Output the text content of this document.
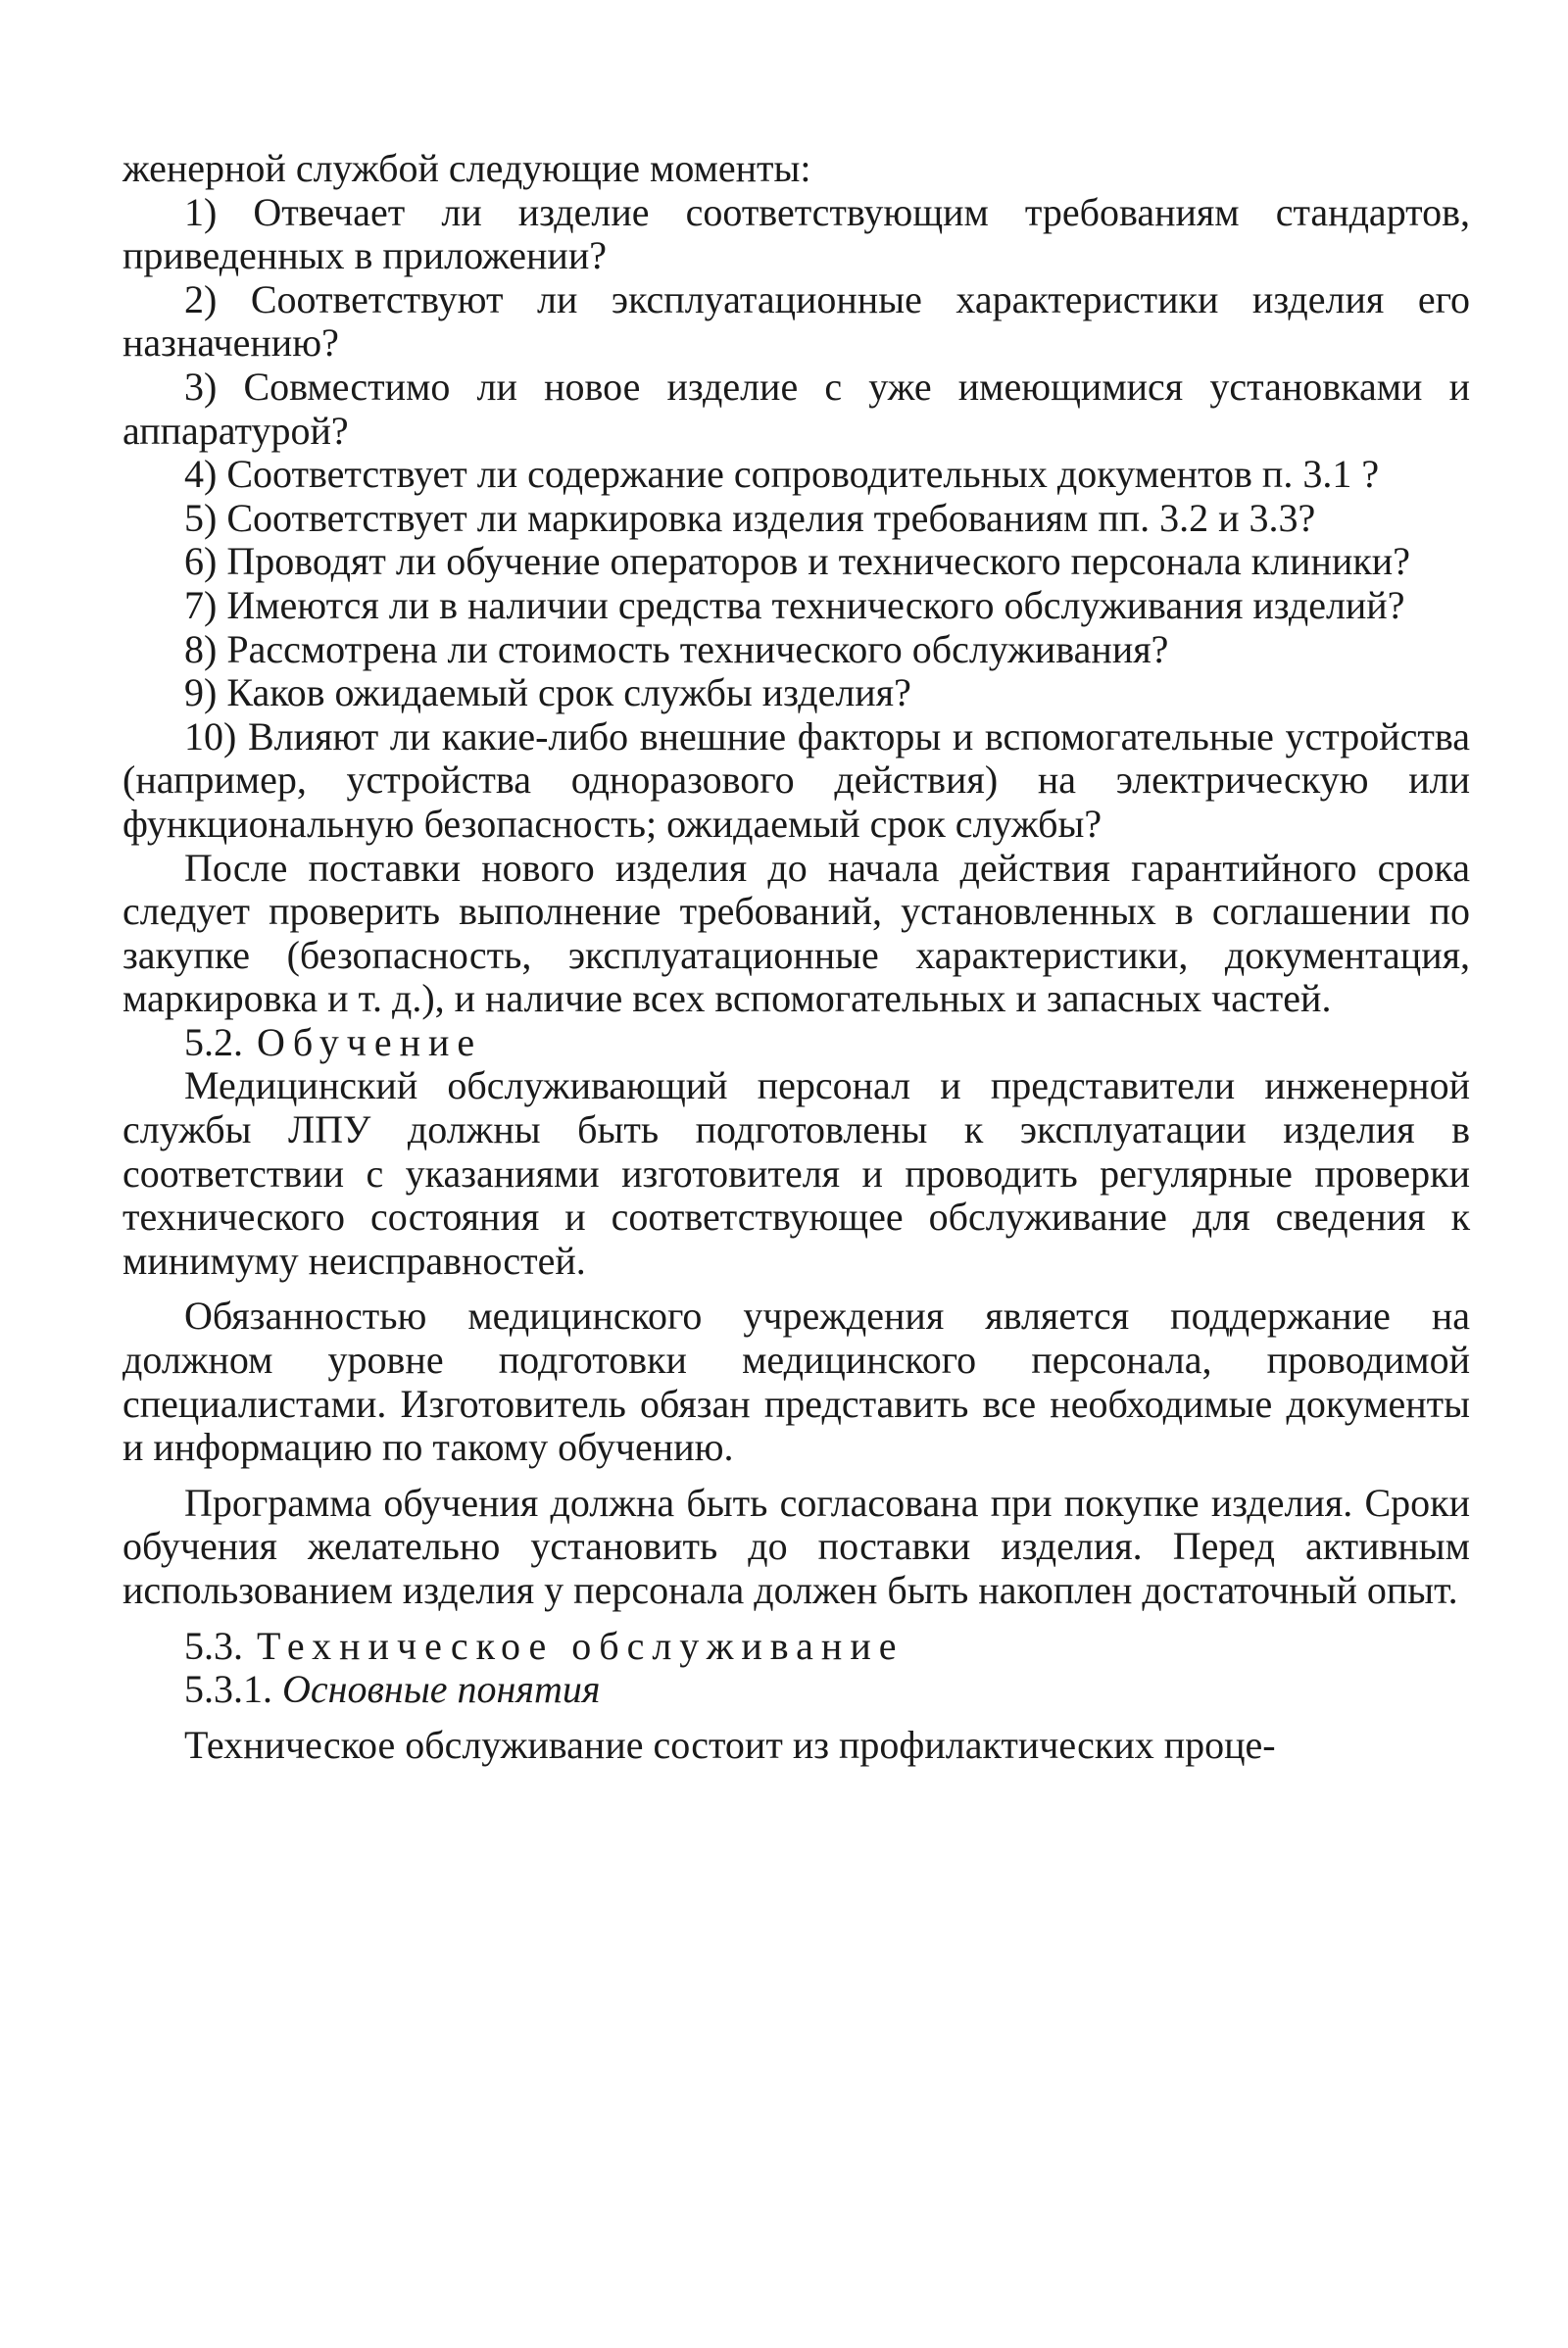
женерной службой следующие моменты:

1) Отвечает ли изделие соответствующим требованиям стандартов, приведенных в приложении?

2) Соответствуют ли эксплуатационные характеристики изделия его назначению?

3) Совместимо ли новое изделие с уже имеющимися установками и аппаратурой?

4) Соответствует ли содержание сопроводительных документов п. 3.1 ?

5) Соответствует ли маркировка изделия требованиям пп. 3.2 и 3.3?

6) Проводят ли обучение операторов и технического персонала клиники?

7) Имеются ли в наличии средства технического обслуживания изделий?

8) Рассмотрена ли стоимость технического обслуживания?

9) Каков ожидаемый срок службы изделия?

10) Влияют ли какие-либо внешние факторы и вспомогательные устройства (например, устройства одноразового действия) на электрическую или функциональную безопасность; ожидаемый срок службы?

После поставки нового изделия до начала действия гарантийного срока следует проверить выполнение требований, установленных в соглашении по закупке (безопасность, эксплуатационные характеристики, документация, маркировка и т. д.), и наличие всех вспомогательных и запасных частей.

5.2. Обучение

Медицинский обслуживающий персонал и представители инженерной службы ЛПУ должны быть подготовлены к эксплуатации изделия в соответствии с указаниями изготовителя и проводить регулярные проверки технического состояния и соответствующее обслуживание для сведения к минимуму неисправностей.

Обязанностью медицинского учреждения является поддержание на должном уровне подготовки медицинского персонала, проводимой специалистами. Изготовитель обязан представить все необходимые документы и информацию по такому обучению.

Программа обучения должна быть согласована при покупке изделия. Сроки обучения желательно установить до поставки изделия. Перед активным использованием изделия у персонала должен быть накоплен достаточный опыт.

5.3. Техническое обслуживание
5.3.1. Основные понятия

Техническое обслуживание состоит из профилактических проце-
